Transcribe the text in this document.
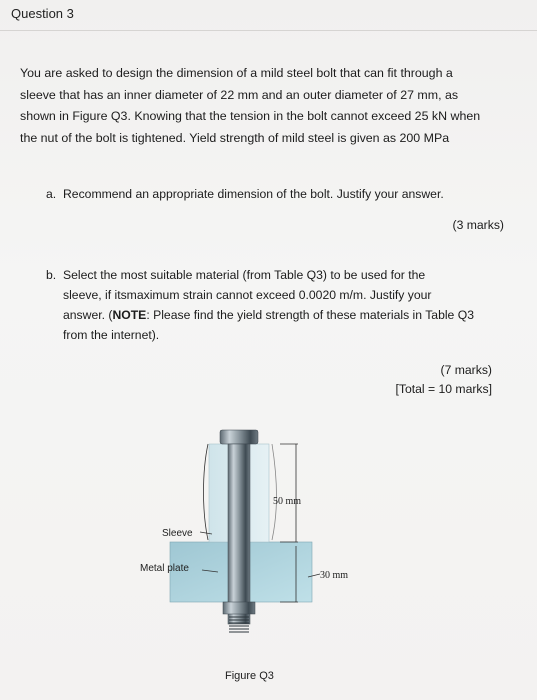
Question 3

You are asked to design the dimension of a mild steel bolt that can fit through a
sleeve that has an inner diameter of 22 mm and an outer diameter of 27 mm, as
shown in Figure Q3. Knowing that the tension in the bolt cannot exceed 25 kN when
the nut of the bolt is tightened. Yield strength of mild steel is given as 200 MPa

a. Recommend an appropriate dimension of the bolt. Justify your answer.
(3 marks)
b. Select the most suitable material (from Table Q3) to be used for the
sleeve, if itsmaximum strain cannot exceed 0.0020 m/m. Justify your
answer. (NOTE: Please find the yield strength of these materials in Table Q3
from the internet).
(7 marks)
[Total = 10 marks]
50 mm
30 mm
Sleeve
Metal plate
Figure Q3
